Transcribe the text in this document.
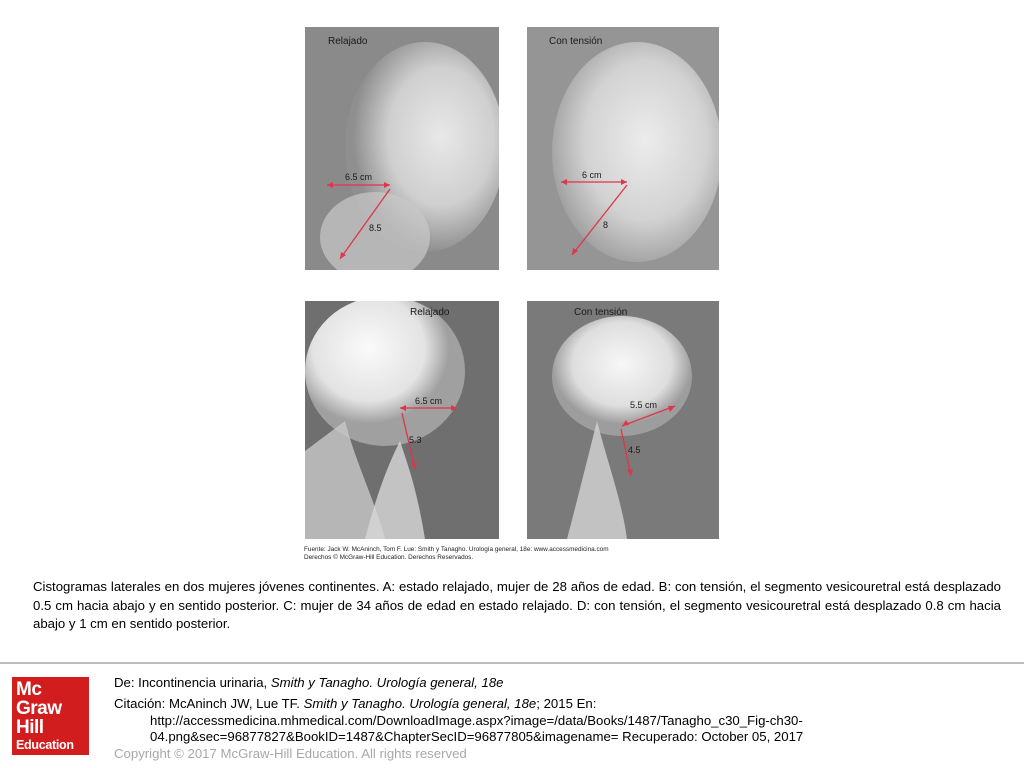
Relajado
6.5 cm
8.5
Con tensión
6 cm
8
Relajado
6.5 cm
5.3
Con tensión
5.5 cm
4.5
Fuente: Jack W. McAninch, Tom F. Lue: Smith y Tanagho. Urología general, 18e: www.accessmedicina.com
Derechos © McGraw-Hill Education. Derechos Reservados.
Cistogramas laterales en dos mujeres jóvenes continentes. A: estado relajado, mujer de 28 años de edad. B: con tensión, el segmento vesicouretral está desplazado 0.5 cm hacia abajo y en sentido posterior. C: mujer de 34 años de edad en estado relajado. D: con tensión, el segmento vesicouretral está desplazado 0.8 cm hacia abajo y 1 cm en sentido posterior.
Mc
Graw
Hill
Education
De: Incontinencia urinaria, Smith y Tanagho. Urología general, 18e
Citación: McAninch JW, Lue TF. Smith y Tanagho. Urología general, 18e; 2015 En:
http://accessmedicina.mhmedical.com/DownloadImage.aspx?image=/data/Books/1487/Tanagho_c30_Fig-ch30-
04.png&sec=96877827&BookID=1487&ChapterSecID=96877805&imagename= Recuperado: October 05, 2017
Copyright © 2017 McGraw-Hill Education. All rights reserved
